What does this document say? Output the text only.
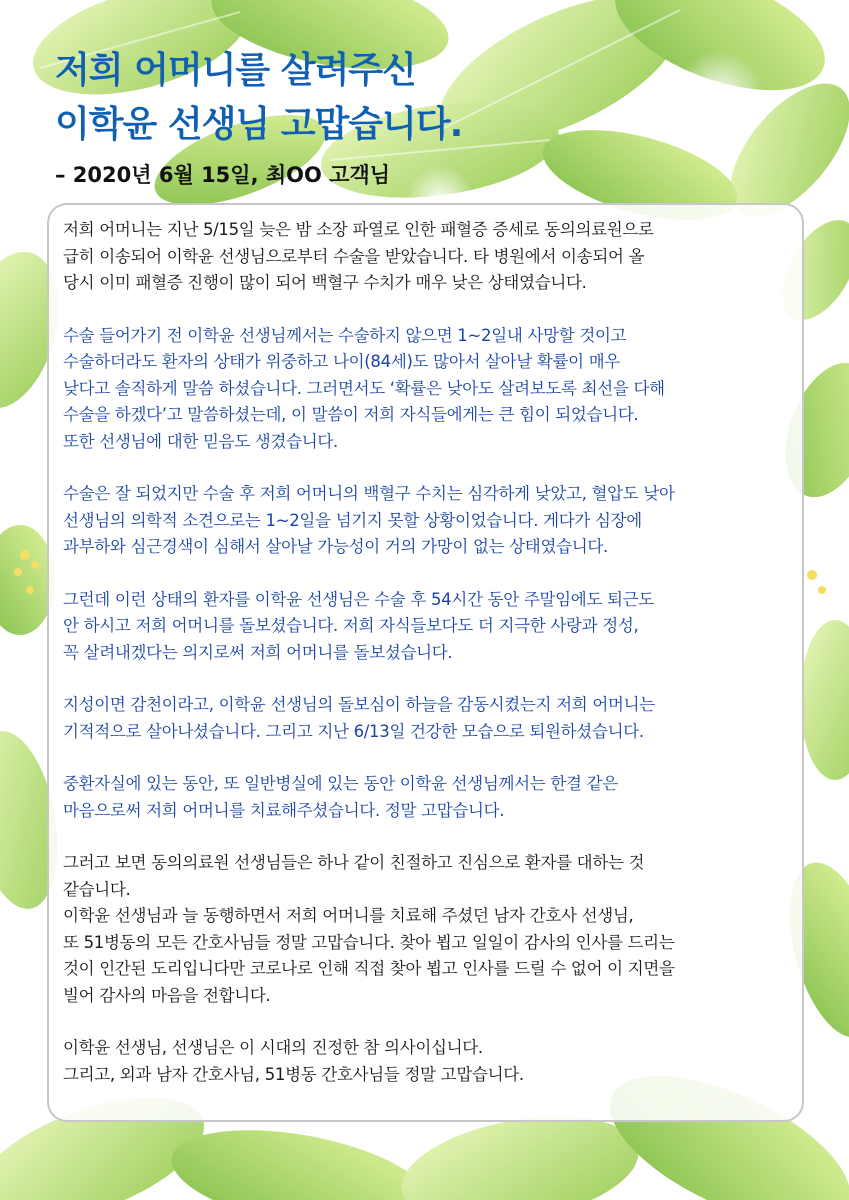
저희 어머니를 살려주신
이학윤 선생님 고맙습니다.
– 2020년 6월 15일, 최OO 고객님

저희 어머니는 지난 5/15일 늦은 밤 소장 파열로 인한 패혈증 증세로 동의의료원으로
급히 이송되어 이학윤 선생님으로부터 수술을 받았습니다. 타 병원에서 이송되어 올
당시 이미 패혈증 진행이 많이 되어 백혈구 수치가 매우 낮은 상태였습니다.

수술 들어가기 전 이학윤 선생님께서는 수술하지 않으면 1~2일내 사망할 것이고
수술하더라도 환자의 상태가 위중하고 나이(84세)도 많아서 살아날 확률이 매우
낮다고 솔직하게 말씀 하셨습니다. 그러면서도 ‘확률은 낮아도 살려보도록 최선을 다해
수술을 하겠다’고 말씀하셨는데, 이 말씀이 저희 자식들에게는 큰 힘이 되었습니다.
또한 선생님에 대한 믿음도 생겼습니다.

수술은 잘 되었지만 수술 후 저희 어머니의 백혈구 수치는 심각하게 낮았고, 혈압도 낮아
선생님의 의학적 소견으로는 1~2일을 넘기지 못할 상황이었습니다. 게다가 심장에
과부하와 심근경색이 심해서 살아날 가능성이 거의 가망이 없는 상태였습니다.

그런데 이런 상태의 환자를 이학윤 선생님은 수술 후 54시간 동안 주말임에도 퇴근도
안 하시고 저희 어머니를 돌보셨습니다. 저희 자식들보다도 더 지극한 사랑과 정성,
꼭 살려내겠다는 의지로써 저희 어머니를 돌보셨습니다.

지성이면 감천이라고, 이학윤 선생님의 돌보심이 하늘을 감동시켰는지 저희 어머니는
기적적으로 살아나셨습니다. 그리고 지난 6/13일 건강한 모습으로 퇴원하셨습니다.

중환자실에 있는 동안, 또 일반병실에 있는 동안 이학윤 선생님께서는 한결 같은
마음으로써 저희 어머니를 치료해주셨습니다. 정말 고맙습니다.

그러고 보면 동의의료원 선생님들은 하나 같이 친절하고 진심으로 환자를 대하는 것
같습니다.
이학윤 선생님과 늘 동행하면서 저희 어머니를 치료해 주셨던 남자 간호사 선생님,
또 51병동의 모든 간호사님들 정말 고맙습니다. 찾아 뵙고 일일이 감사의 인사를 드리는
것이 인간된 도리입니다만 코로나로 인해 직접 찾아 뵙고 인사를 드릴 수 없어 이 지면을
빌어 감사의 마음을 전합니다.

이학윤 선생님, 선생님은 이 시대의 진정한 참 의사이십니다.
그리고, 외과 남자 간호사님, 51병동 간호사님들 정말 고맙습니다.
